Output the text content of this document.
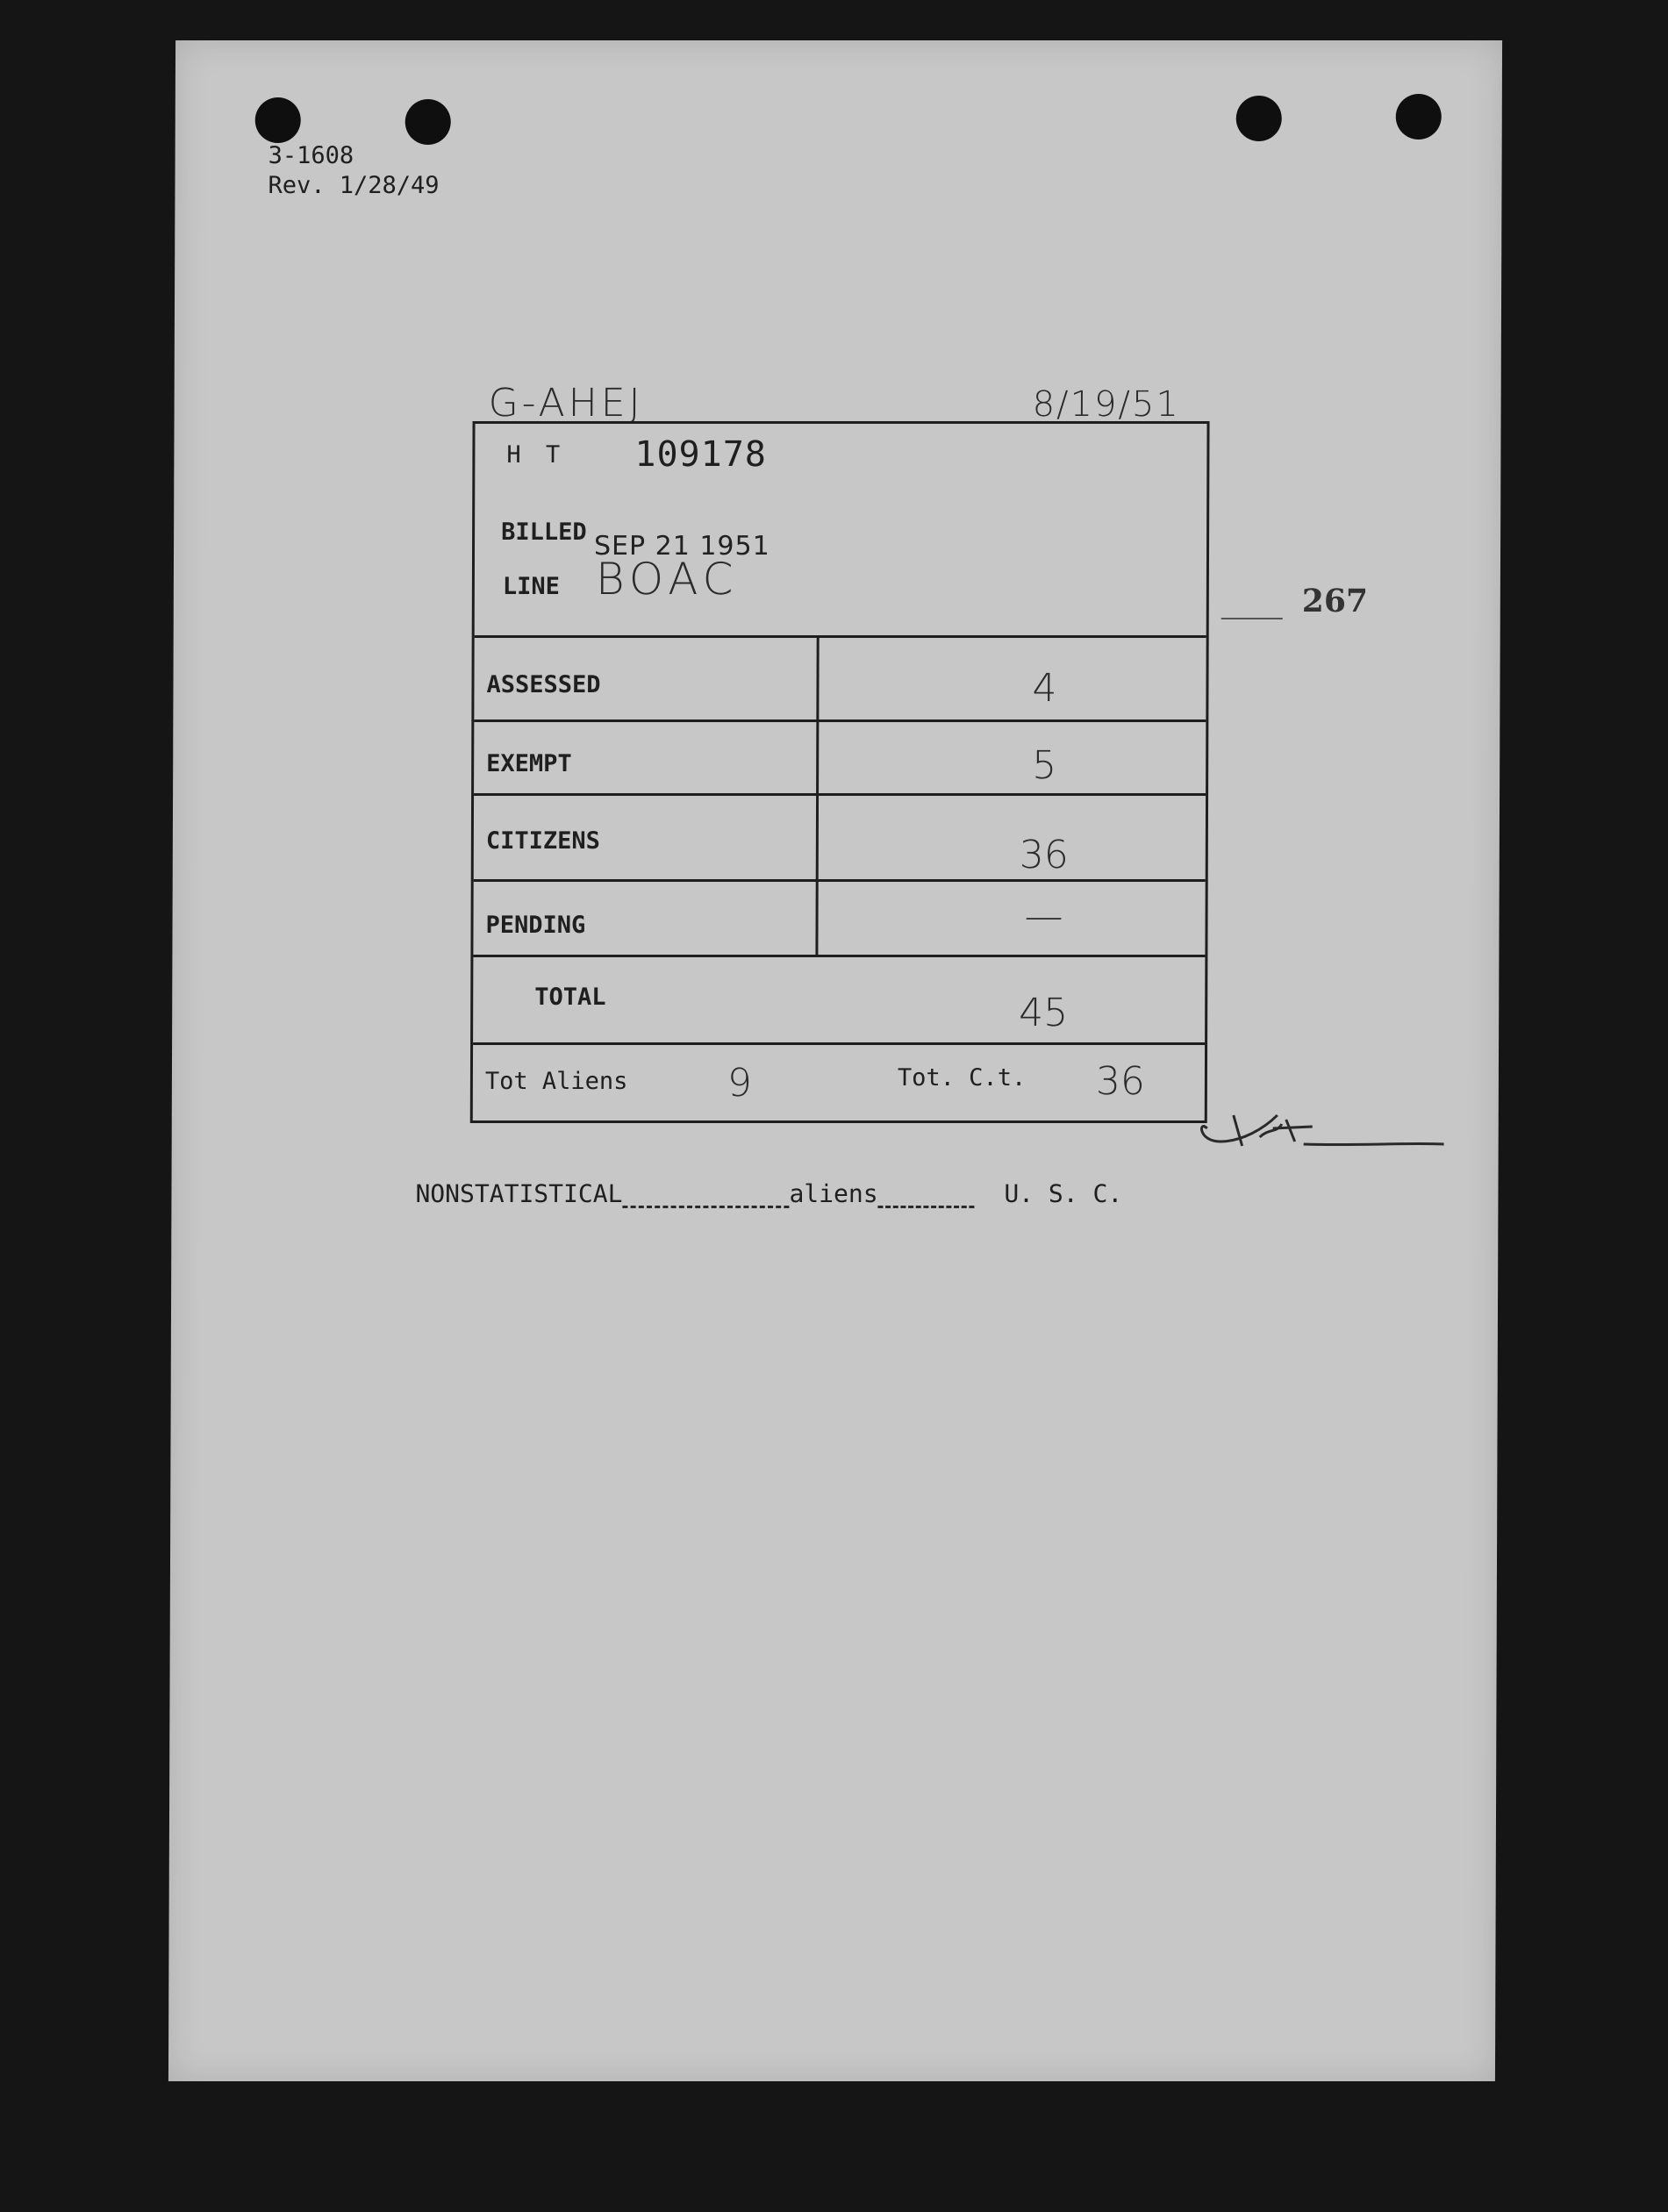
3-1608
Rev. 1/28/49
G-AHEJ	8/19/51
267
H T 109178
BILLED SEP 21 1951
LINE BOAC
ASSESSED	4
EXEMPT	5
CITIZENS	36
PENDING	—
TOTAL	45
Tot Aliens	9	Tot. C.t. 36
NONSTATISTICAL	aliens	U. S. C.
